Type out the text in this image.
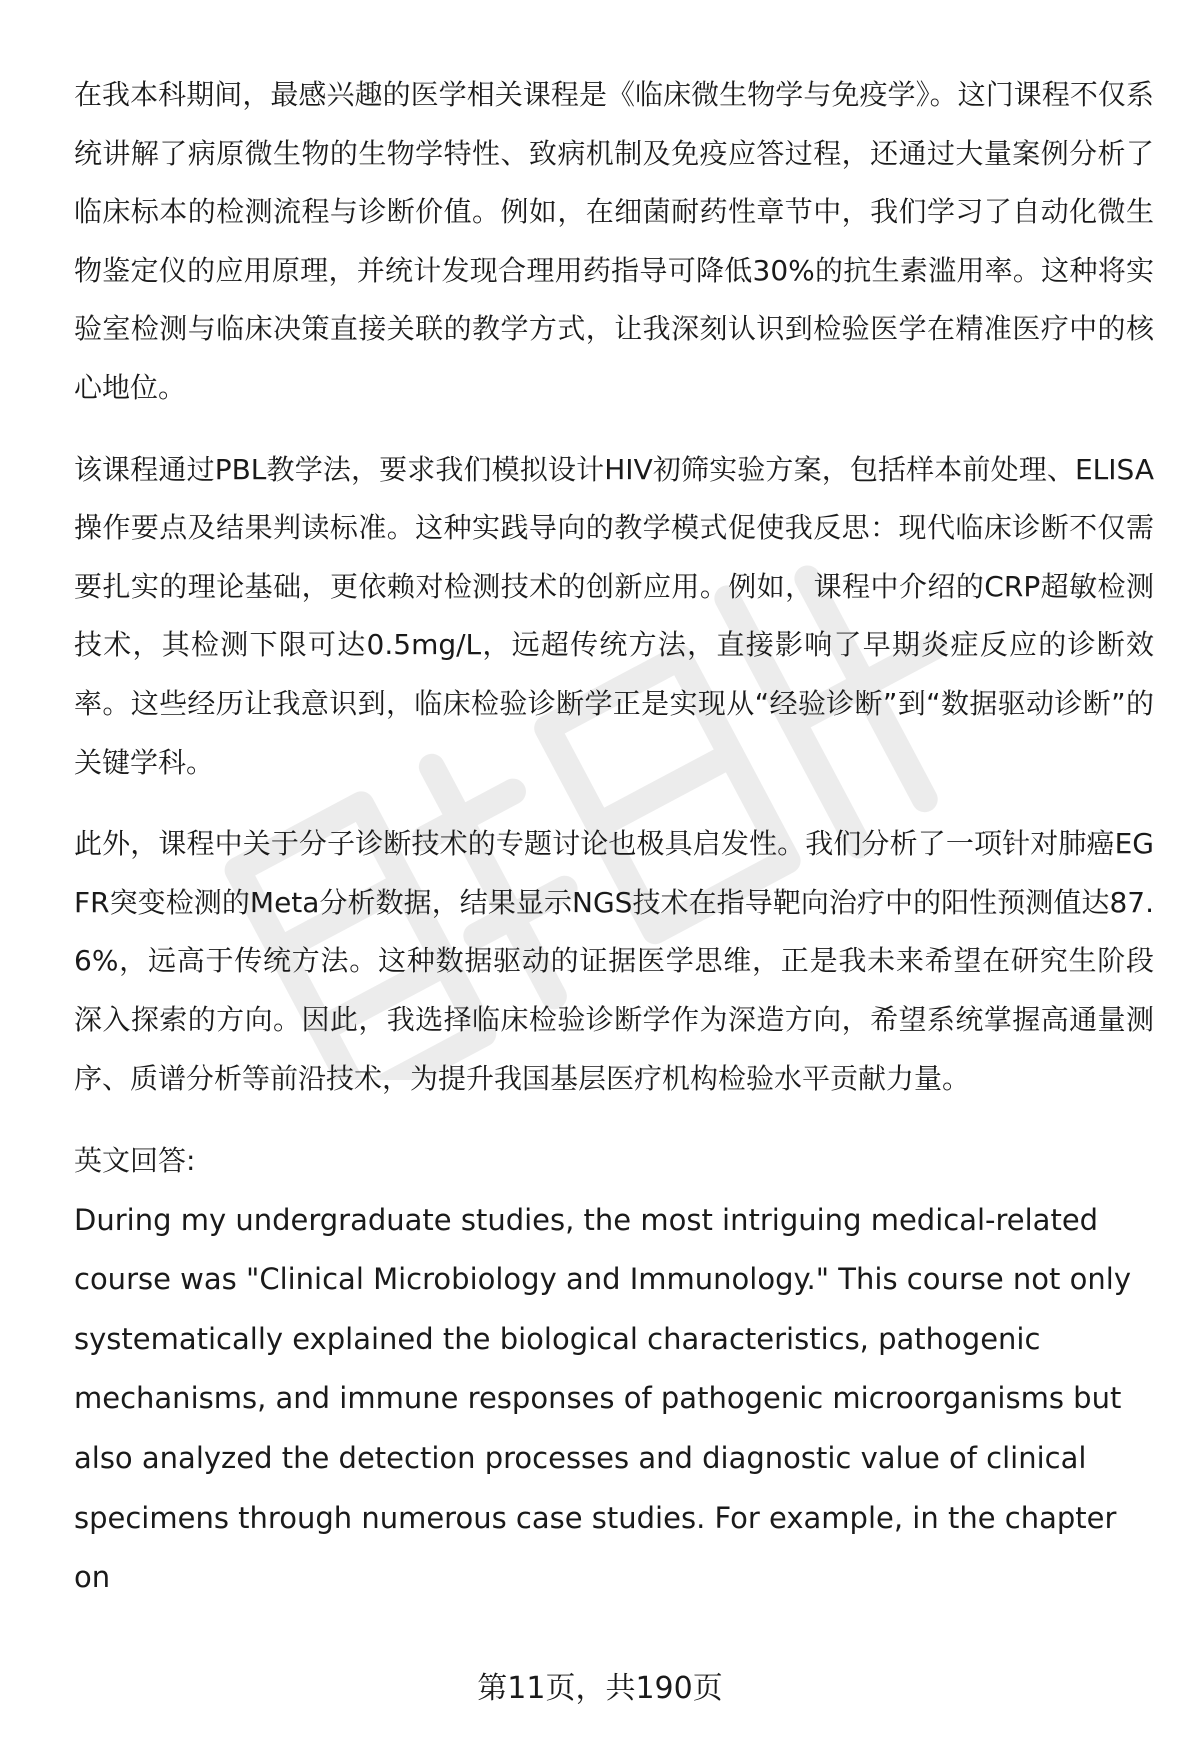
在我本科期间，最感兴趣的医学相关课程是《临床微生物学与免疫学》。这门课程不仅系统讲解了病原微生物的生物学特性、致病机制及免疫应答过程，还通过大量案例分析了临床标本的检测流程与诊断价值。例如，在细菌耐药性章节中，我们学习了自动化微生物鉴定仪的应用原理，并统计发现合理用药指导可降低30%的抗生素滥用率。这种将实验室检测与临床决策直接关联的教学方式，让我深刻认识到检验医学在精准医疗中的核心地位。

该课程通过PBL教学法，要求我们模拟设计HIV初筛实验方案，包括样本前处理、ELISA操作要点及结果判读标准。这种实践导向的教学模式促使我反思：现代临床诊断不仅需要扎实的理论基础，更依赖对检测技术的创新应用。例如，课程中介绍的CRP超敏检测技术，其检测下限可达0.5mg/L，远超传统方法，直接影响了早期炎症反应的诊断效率。这些经历让我意识到，临床检验诊断学正是实现从“经验诊断”到“数据驱动诊断”的关键学科。

此外，课程中关于分子诊断技术的专题讨论也极具启发性。我们分析了一项针对肺癌EGFR突变检测的Meta分析数据，结果显示NGS技术在指导靶向治疗中的阳性预测值达87.6%，远高于传统方法。这种数据驱动的证据医学思维，正是我未来希望在研究生阶段深入探索的方向。因此，我选择临床检验诊断学作为深造方向，希望系统掌握高通量测序、质谱分析等前沿技术，为提升我国基层医疗机构检验水平贡献力量。

英文回答:

During my undergraduate studies, the most intriguing medical-related course was "Clinical Microbiology and Immunology." This course not only systematically explained the biological characteristics, pathogenic mechanisms, and immune responses of pathogenic microorganisms but also analyzed the detection processes and diagnostic value of clinical specimens through numerous case studies. For example, in the chapter on

第11页，共190页
